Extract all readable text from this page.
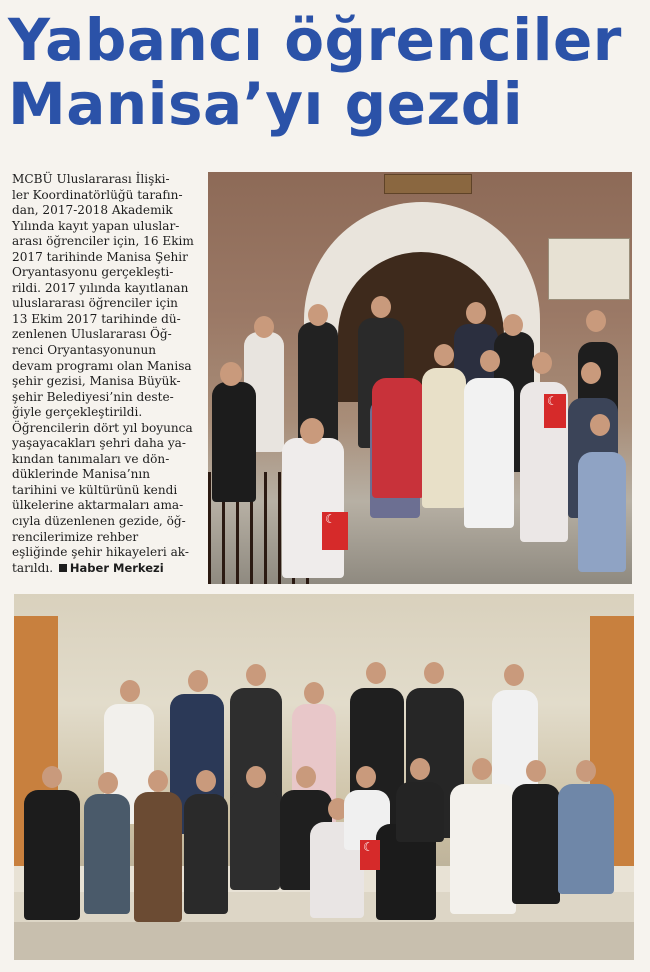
Yabancı öğrenciler
Manisa’yı gezdi

MCBÜ Uluslararası İlişki-
ler Koordinatörlüğü tarafın-
dan, 2017-2018 Akademik
Yılında kayıt yapan uluslar-
arası öğrenciler için, 16 Ekim
2017 tarihinde Manisa Şehir
Oryantasyonu gerçekleşti-
rildi. 2017 yılında kayıtlanan
uluslararası öğrenciler için
13 Ekim 2017 tarihinde dü-
zenlenen Uluslararası Öğ-
renci Oryantasyonunun
devam programı olan Manisa
şehir gezisi, Manisa Büyük-
şehir Belediyesi’nin deste-
ğiyle gerçekleştirildi.
Öğrencilerin dört yıl boyunca
yaşayacakları şehri daha ya-
kından tanımaları ve dön-
düklerinde Manisa’nın
tarihini ve kültürünü kendi
ülkelerine aktarmaları ama-
cıyla düzenlenen gezide, öğ-
rencilerimize rehber
eşliğinde şehir hikayeleri ak-
tarıldı. Haber Merkezi

☾
☾
☾
